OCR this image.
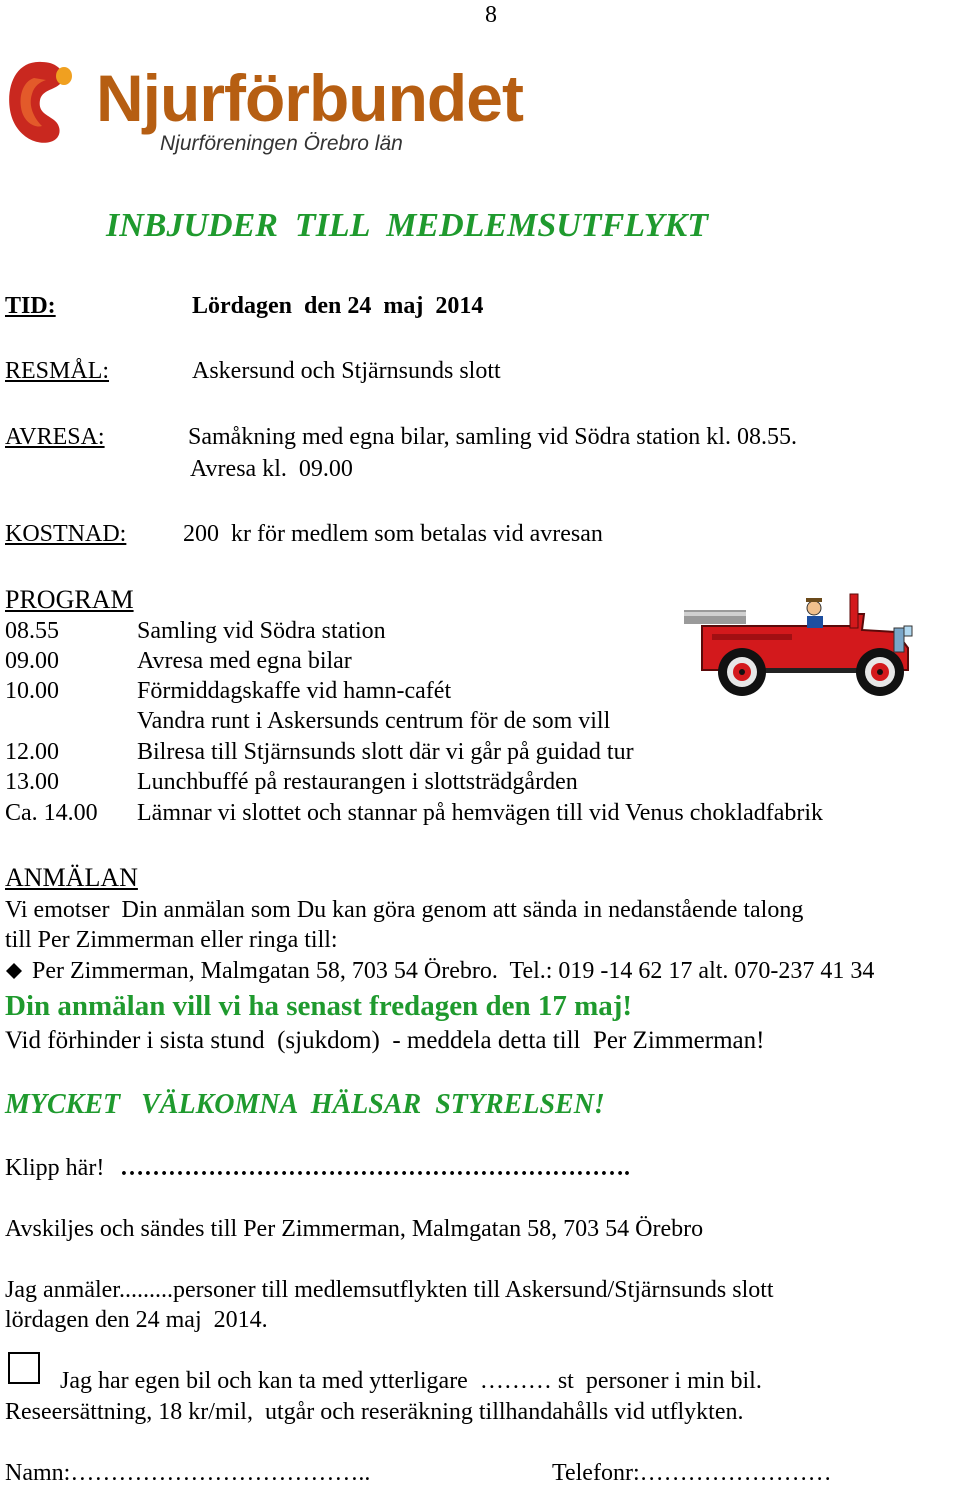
8
Njurförbundet
Njurföreningen Örebro län
INBJUDER  TILL  MEDLEMSUTFLYKT
TID:	Lördagen  den 24  maj  2014
RESMÅL:	Askersund och Stjärnsunds slott
AVRESA:	Samåkning med egna bilar, samling vid Södra station kl. 08.55.
Avresa kl.  09.00
KOSTNAD: 200  kr för medlem som betalas vid avresan
PROGRAM
08.55	Samling vid Södra station
09.00	Avresa med egna bilar
10.00	Förmiddagskaffe vid hamn-cafét
Vandra runt i Askersunds centrum för de som vill
12.00	Bilresa till Stjärnsunds slott där vi går på guidad tur
13.00	Lunchbuffé på restaurangen i slottsträdgården
Ca. 14.00 Lämnar vi slottet och stannar på hemvägen till vid Venus chokladfabrik
ANMÄLAN
Vi emotser  Din anmälan som Du kan göra genom att sända in nedanstående talong
till Per Zimmerman eller ringa till:
Per Zimmerman, Malmgatan 58, 703 54 Örebro.  Tel.: 019 -14 62 17 alt. 070-237 41 34
Din anmälan vill vi ha senast fredagen den 17 maj!
Vid förhinder i sista stund  (sjukdom)  - meddela detta till  Per Zimmerman!
MYCKET   VÄLKOMNA  HÄLSAR  STYRELSEN!
Klipp här! ……………………………………………………….
Avskiljes och sändes till Per Zimmerman, Malmgatan 58, 703 54 Örebro
Jag anmäler.........personer till medlemsutflykten till Askersund/Stjärnsunds slott
lördagen den 24 maj  2014.
Jag har egen bil och kan ta med ytterligare  ……… st  personer i min bil.
Reseersättning, 18 kr/mil,  utgår och reseräkning tillhandahålls vid utflykten.
Namn:………………………………..	Telefonr:……………………
